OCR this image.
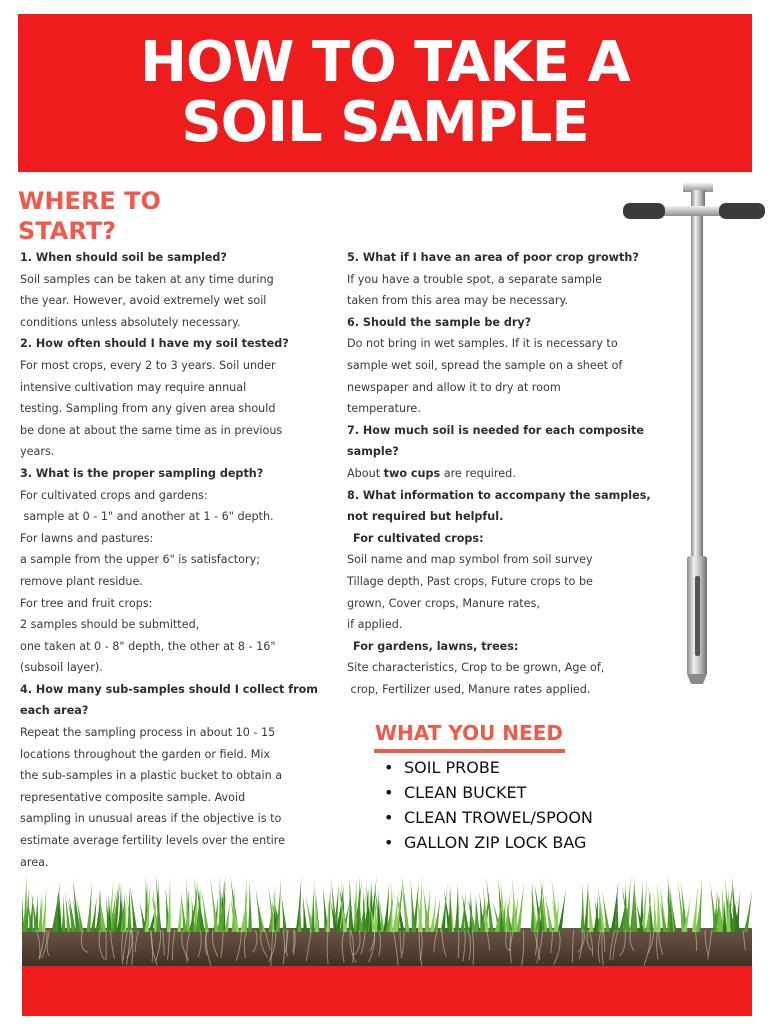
HOW TO TAKE A
SOIL SAMPLE
WHERE TO
START?

1. When should soil be sampled?

Soil samples can be taken at any time during

the year. However, avoid extremely wet soil

conditions unless absolutely necessary.

2. How often should I have my soil tested?

For most crops, every 2 to 3 years. Soil under

intensive cultivation may require annual

testing. Sampling from any given area should

be done at about the same time as in previous

years.

3. What is the proper sampling depth?

For cultivated crops and gardens:

sample at 0 - 1" and another at 1 - 6" depth.

For lawns and pastures:

a sample from the upper 6" is satisfactory;

remove plant residue.

For tree and fruit crops:

2 samples should be submitted,

one taken at 0 - 8" depth, the other at 8 - 16"

(subsoil layer).

4. How many sub-samples should I collect from

each area?

Repeat the sampling process in about 10 - 15

locations throughout the garden or field. Mix

the sub-samples in a plastic bucket to obtain a

representative composite sample. Avoid

sampling in unusual areas if the objective is to

estimate average fertility levels over the entire

area.

5. What if I have an area of poor crop growth?

If you have a trouble spot, a separate sample

taken from this area may be necessary.

6. Should the sample be dry?

Do not bring in wet samples. If it is necessary to

sample wet soil, spread the sample on a sheet of

newspaper and allow it to dry at room

temperature.

7. How much soil is needed for each composite

sample?

About two cups are required.

8. What information to accompany the samples,

not required but helpful.

For cultivated crops:

Soil name and map symbol from soil survey

Tillage depth, Past crops, Future crops to be

grown, Cover crops, Manure rates,

if applied.

For gardens, lawns, trees:

Site characteristics, Crop to be grown, Age of,

crop, Fertilizer used, Manure rates applied.

WHAT YOU NEED
• SOIL PROBE
• CLEAN BUCKET
• CLEAN TROWEL/SPOON
• GALLON ZIP LOCK BAG
